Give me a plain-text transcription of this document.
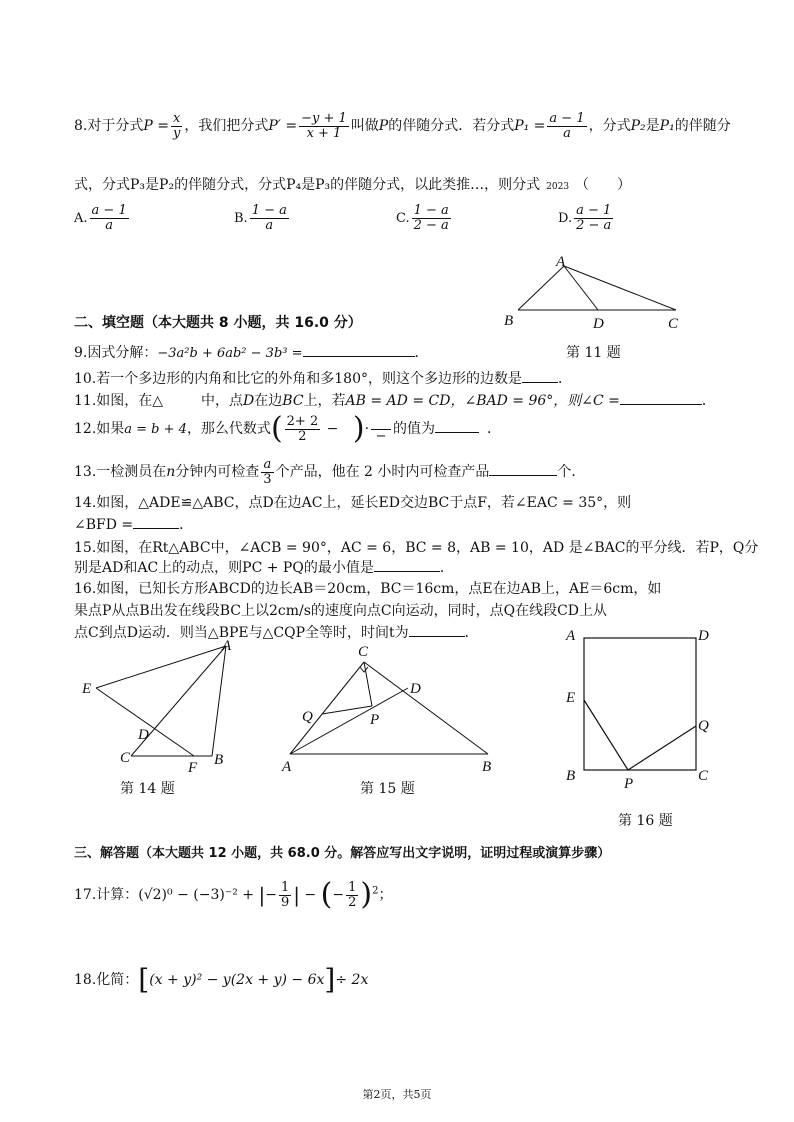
8.对于分式$P = \frac{x}{y}$ ，我们把分式$P' = \frac{-y + 1}{x + 1}$ 叫做P的伴随分式．若分式$P_1 = \frac{a - 1}{a}$ ，分式P₂是P₁的伴随分
式，分式P₃是P₂的伴随分式，分式P₄是P₃的伴随分式，以此类推…，则分式 2023 （　　）
A. $\frac{a - 1}{a}$	B. $\frac{1 - a}{a}$	C. $\frac{1 - a}{2 - a}$	D. $\frac{a - 1}{2 - a}$
A
B	D	C
二、填空题（本大题共 8 小题，共 16.0 分）
9.因式分解：−3a²b + 6ab² − 3b³ =	．	第 11 题
10.若一个多边形的内角和比它的外角和多180°，则这个多边形的边数是	．
11.如图，在△	中，点D在边BC上，若AB = AD = CD，∠BAD = 96°，则∠C =	．
12.如果a = b + 4，那么代数式( $\frac{2+ 2}{2}$ − )· − 的值为	．
13.一检测员在n分钟内可检查 $\frac{a}{3}$ 个产品，他在 2 小时内可检查产品	个．
14.如图，△ADE≌△ABC，点D在边AC上，延长ED交边BC于点F，若∠EAC = 35°，则
∠BFD =	．
15.如图，在Rt△ABC中，∠ACB = 90°，AC = 6，BC = 8，AB = 10，AD 是∠BAC的平分线．若P，Q分
别是AD和AC上的动点，则PC + PQ的最小值是	．
16.如图，已知长方形ABCD的边长AB＝20cm，BC＝16cm，点E在边AB上，AE＝6cm，如
果点P从点B出发在线段BC上以2cm/s的速度向点C向运动，同时，点Q在线段CD上从
点C到点D运动．则当△BPE与△CQP全等时，时间t为	．
A
E
D
C
F B
C
D
Q	P
A	B
A	D
E
Q
B	P	C
第 14 题	第 15 题
第 16 题
三、解答题（本大题共 12 小题，共 68.0 分。解答应写出文字说明，证明过程或演算步骤）
17.计算：(√2)⁰ − (−3)⁻² + |− $\frac{1}{9}$ | − (− $\frac{1}{2} )^2$；
18.化简：[(x + y)² − y(2x + y) − 6x]÷ 2x
第2页，共5页
